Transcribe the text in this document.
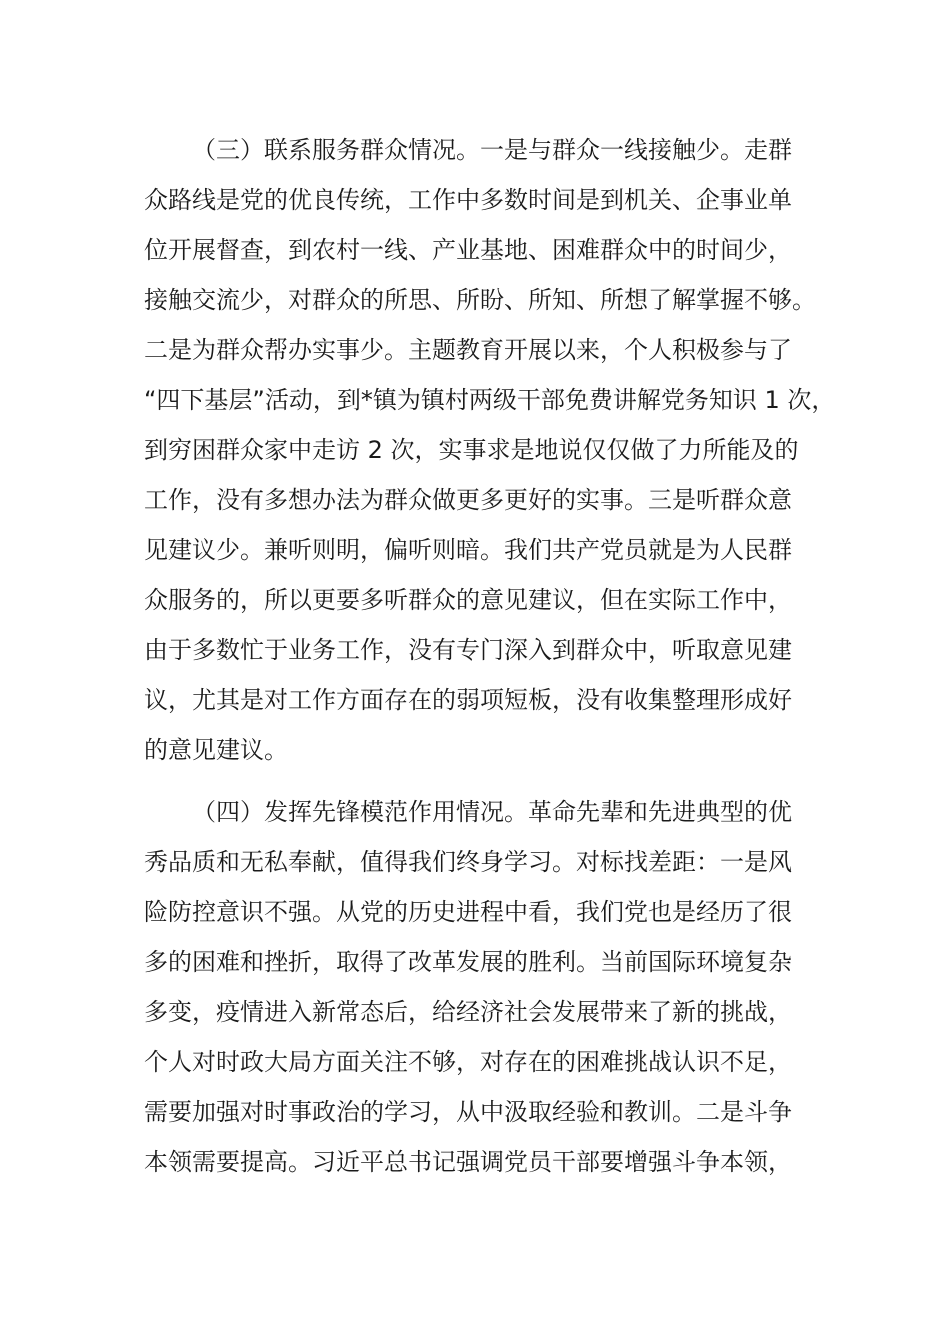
（三）联系服务群众情况。一是与群众一线接触少。走群
众路线是党的优良传统，工作中多数时间是到机关、企事业单
位开展督查，到农村一线、产业基地、困难群众中的时间少，
接触交流少，对群众的所思、所盼、所知、所想了解掌握不够。
二是为群众帮办实事少。主题教育开展以来，个人积极参与了
“四下基层”活动，到*镇为镇村两级干部免费讲解党务知识 1 次，
到穷困群众家中走访 2 次，实事求是地说仅仅做了力所能及的
工作，没有多想办法为群众做更多更好的实事。三是听群众意
见建议少。兼听则明，偏听则暗。我们共产党员就是为人民群
众服务的，所以更要多听群众的意见建议，但在实际工作中，
由于多数忙于业务工作，没有专门深入到群众中，听取意见建
议，尤其是对工作方面存在的弱项短板，没有收集整理形成好
的意见建议。
（四）发挥先锋模范作用情况。革命先辈和先进典型的优
秀品质和无私奉献，值得我们终身学习。对标找差距：一是风
险防控意识不强。从党的历史进程中看，我们党也是经历了很
多的困难和挫折，取得了改革发展的胜利。当前国际环境复杂
多变，疫情进入新常态后，给经济社会发展带来了新的挑战，
个人对时政大局方面关注不够，对存在的困难挑战认识不足，
需要加强对时事政治的学习，从中汲取经验和教训。二是斗争
本领需要提高。习近平总书记强调党员干部要增强斗争本领，
